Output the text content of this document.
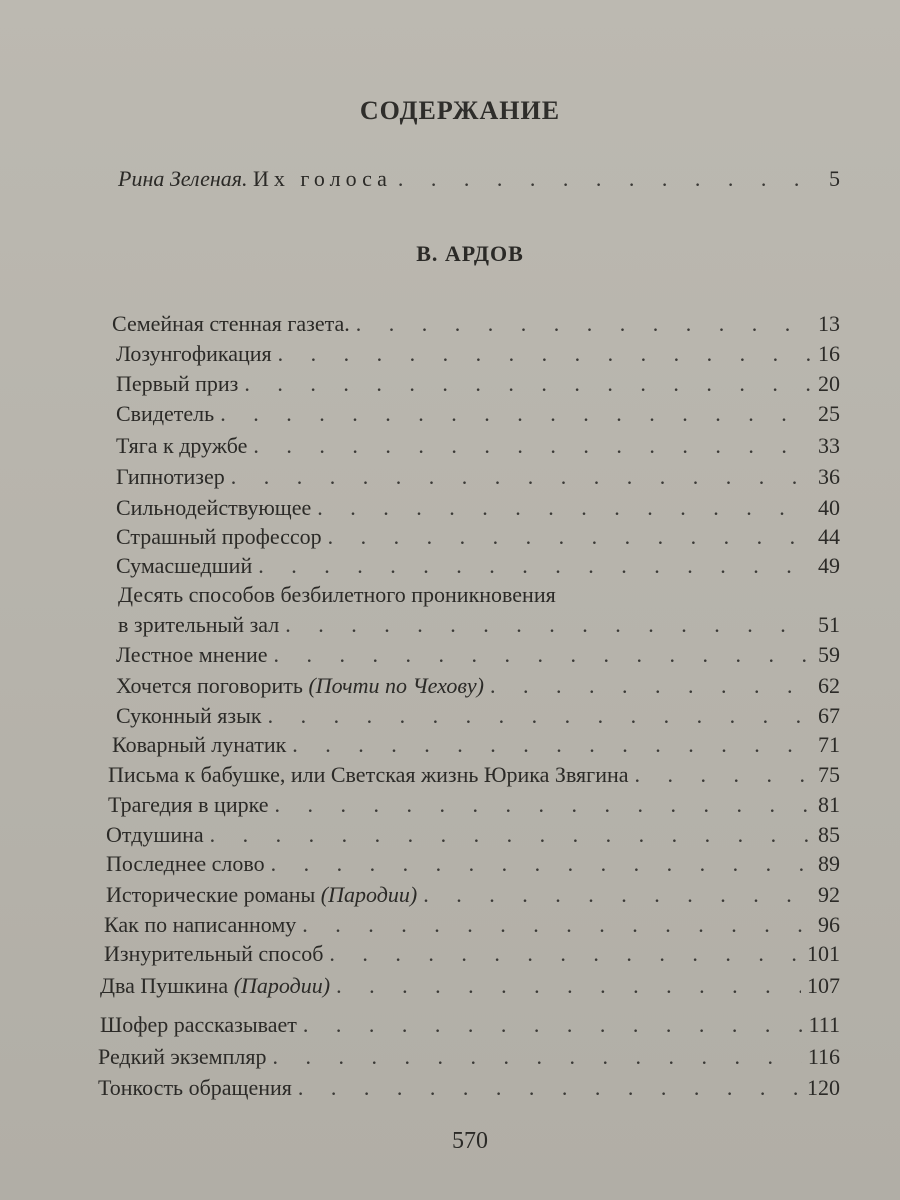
СОДЕРЖАНИЕ
Рина Зеленая. Их голоса . . .	5
В. АРДОВ
Семейная стенная газета. . . .	13
Лозунгофикация . . .	16
Первый приз . . .	20
Свидетель . . .	25
Тяга к дружбе . . .	33
Гипнотизер . . .	36
Сильнодействующее . . .	40
Страшный профессор . . .	44
Сумасшедший . . .	49
Десять способов безбилетного проникновения
в зрительный зал . . .	51
Лестное мнение . . .	59
Хочется поговорить (Почти по Чехову) . . .	62
Суконный язык . . .	67
Коварный лунатик . . .	71
Письма к бабушке, или Светская жизнь Юрика Звягина . . .	75
Трагедия в цирке . . .	81
Отдушина . . .	85
Последнее слово . . .	89
Исторические романы (Пародии) . . .	92
Как по написанному . . .	96
Изнурительный способ . . .	101
Два Пушкина (Пародии) . . .	107
Шофер рассказывает . . .	111
Редкий экземпляр . . .	116
Тонкость обращения . . .	120
570
